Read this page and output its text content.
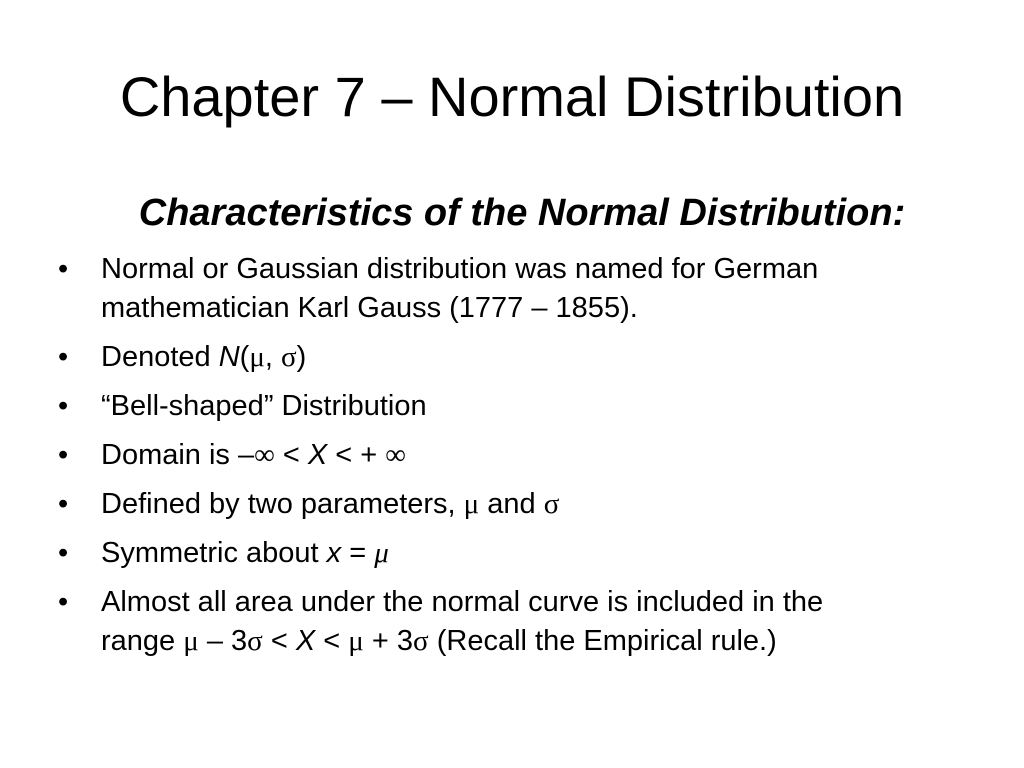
Chapter 7 – Normal Distribution
Characteristics of the Normal Distribution:
•	Normal or Gaussian distribution was named for German
mathematician Karl Gauss (1777 – 1855).
•	Denoted N(μ, σ)
•	“Bell-shaped” Distribution
•	Domain is –∞ < X < + ∞
•	Defined by two parameters, μ and σ
•	Symmetric about x = μ
•	Almost all area under the normal curve is included in the
range μ – 3σ < X < μ + 3σ (Recall the Empirical rule.)
